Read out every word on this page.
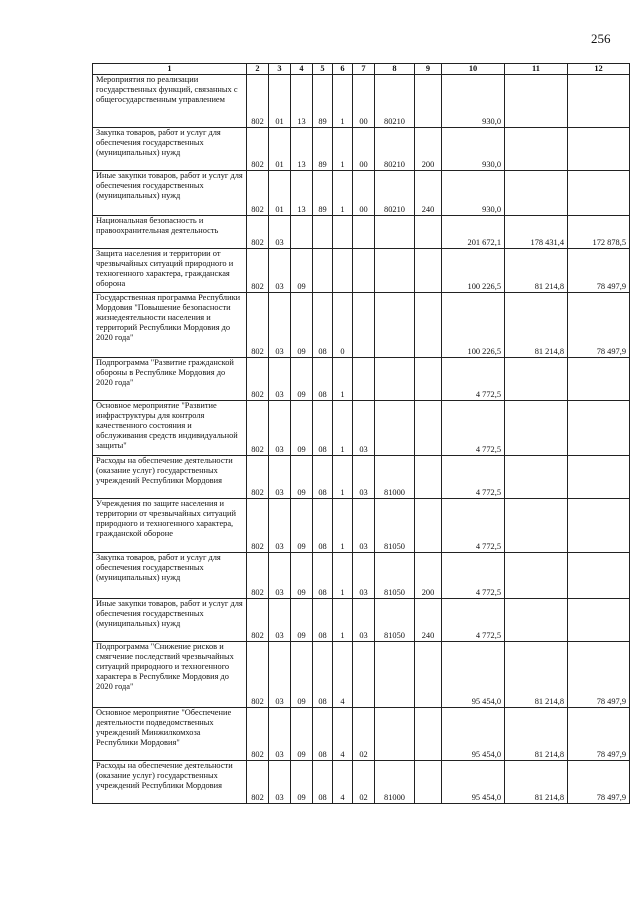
256
1	2	3	4	5	6	7	8	9	10	11	12
Мероприятия по реализации государственных функций, связанных с общегосударственным управлением	802	01	13	89	1	00	80210		930,0		
Закупка товаров, работ и услуг для обеспечения государственных (муниципальных) нужд	802	01	13	89	1	00	80210	200	930,0		
Иные закупки товаров, работ и услуг для обеспечения государственных (муниципальных) нужд	802	01	13	89	1	00	80210	240	930,0		
Национальная безопасность и правоохранительная деятельность	802	03							201 672,1	178 431,4	172 878,5
Защита населения и территории от чрезвычайных ситуаций природного и техногенного характера, гражданская оборона	802	03	09						100 226,5	81 214,8	78 497,9
Государственная программа Республики Мордовия "Повышение безопасности жизнедеятельности населения и территорий Республики Мордовия до 2020 года"	802	03	09	08	0				100 226,5	81 214,8	78 497,9
Подпрограмма "Развитие гражданской обороны в Республике Мордовия до 2020 года"	802	03	09	08	1				4 772,5		
Основное мероприятие "Развитие инфраструктуры для контроля качественного состояния и обслуживания средств индивидуальной защиты"	802	03	09	08	1	03			4 772,5		
Расходы на обеспечение деятельности (оказание услуг) государственных учреждений Республики Мордовия	802	03	09	08	1	03	81000		4 772,5		
Учреждения по защите населения и территории от чрезвычайных ситуаций природного и техногенного характера, гражданской обороне	802	03	09	08	1	03	81050		4 772,5		
Закупка товаров, работ и услуг для обеспечения государственных (муниципальных) нужд	802	03	09	08	1	03	81050	200	4 772,5		
Иные закупки товаров, работ и услуг для обеспечения государственных (муниципальных) нужд	802	03	09	08	1	03	81050	240	4 772,5		
Подпрограмма "Снижение рисков и смягчение последствий чрезвычайных ситуаций природного и техногенного характера в Республике Мордовия до 2020 года"	802	03	09	08	4				95 454,0	81 214,8	78 497,9
Основное мероприятие "Обеспечение деятельности подведомственных учреждений Минжилкомхоза Республики Мордовия"	802	03	09	08	4	02			95 454,0	81 214,8	78 497,9
Расходы на обеспечение деятельности (оказание услуг) государственных учреждений Республики Мордовия	802	03	09	08	4	02	81000		95 454,0	81 214,8	78 497,9
